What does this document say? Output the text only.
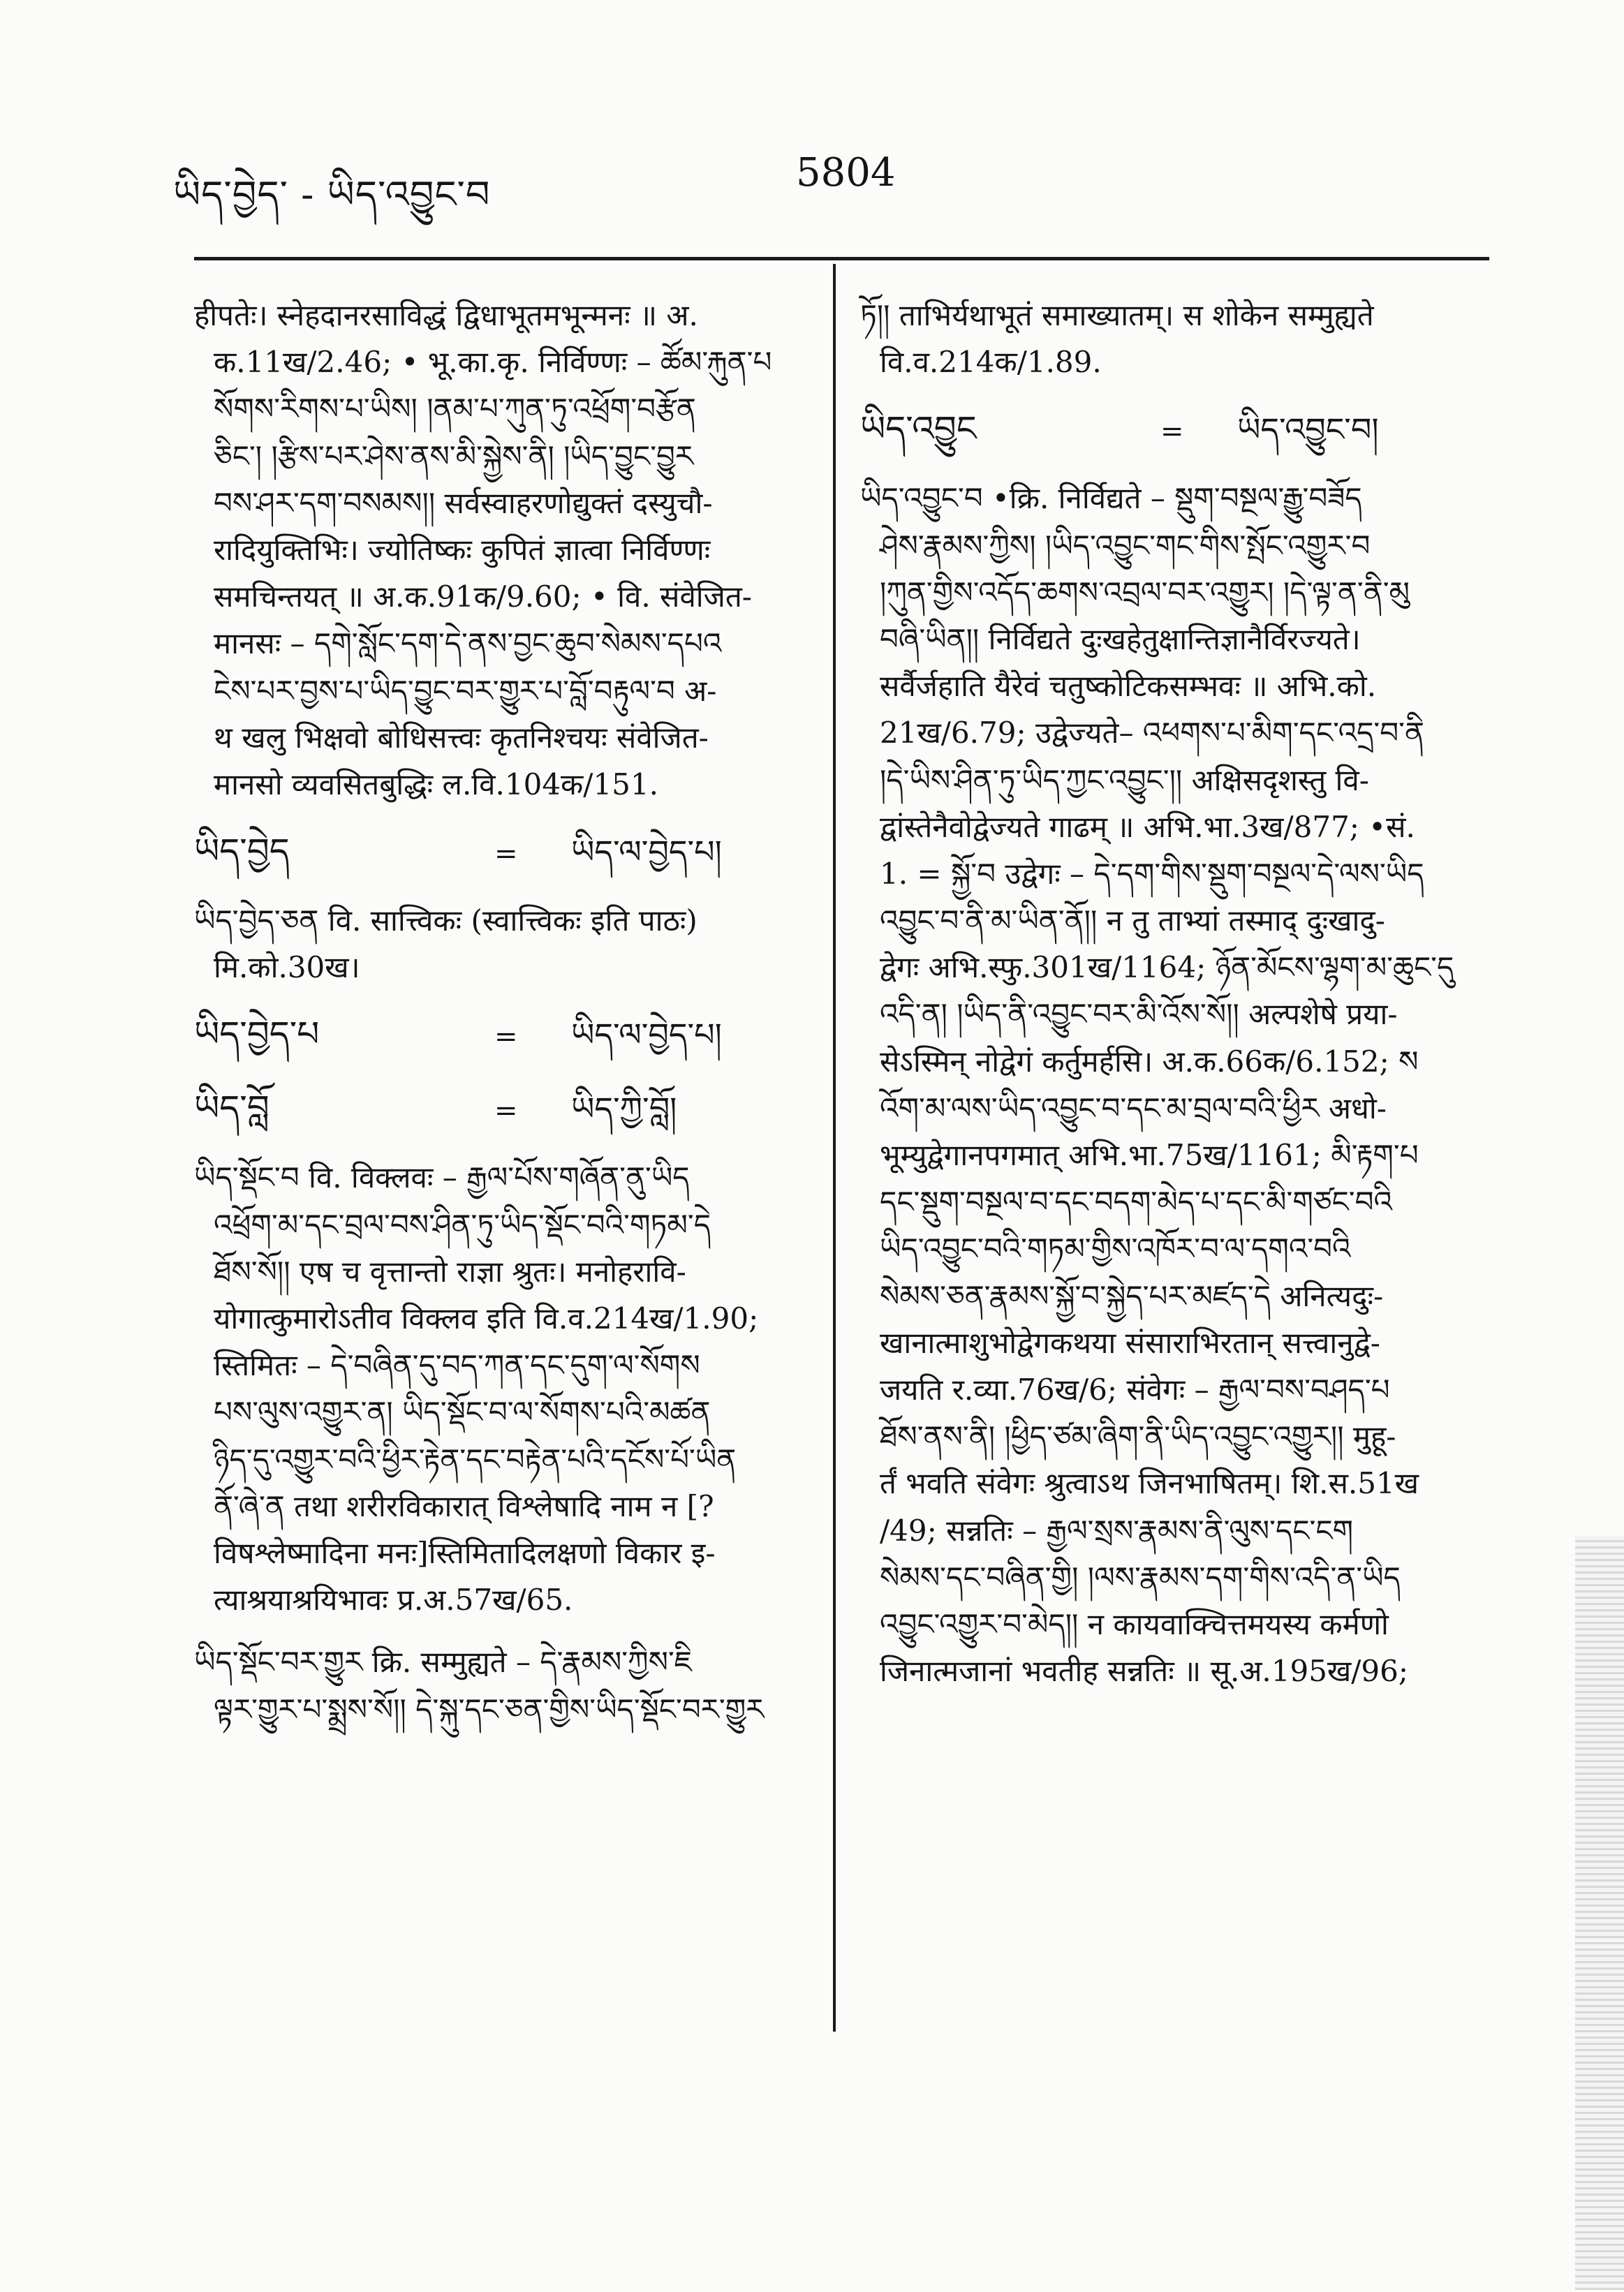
ཡིད་བྱེད་ - ཡིད་འབྱུང་བ	5804

हीपतेः। स्नेहदानरसाविद्धं द्विधाभूतमभून्मनः ॥ अ.

क.11ख/2.46; • भू.का.कृ. निर्विण्णः – ཚོམ་རྐུན་པ

སོགས་རིགས་པ་ཡིས། །ནམ་པ་ཀུན་ཏུ་འཕྲོག་བརྩོན

ཅིང་། །རྩིས་པར་ཤེས་ནས་མི་སྐྱེས་ནི། །ཡིད་བྱུང་བྱུར

བས་ཤར་དག་བསམས།། सर्वस्वाहरणोद्युक्तं दस्युचौ-

रादियुक्तिभिः। ज्योतिष्कः कुपितं ज्ञात्वा निर्विण्णः

समचिन्तयत् ॥ अ.क.91क/9.60; • वि. संवेजित-

मानसः – དགེ་སློང་དག་དེ་ནས་བྱང་ཆུབ་སེམས་དཔའ

ངེས་པར་བྱས་པ་ཡིད་བྱུང་བར་གྱུར་པ་བློ་བརྟུལ་བ अ-

थ खलु भिक्षवो बोधिसत्त्वः कृतनिश्चयः संवेजित-

मानसो व्यवसितबुद्धिः ल.वि.104क/151.

ཡིད་བྱེད	=	ཡིད་ལ་བྱེད་པ།

ཡིད་བྱེད་ཅན वि. सात्त्विकः (स्वात्त्विकः इति पाठः)

मि.को.30ख।

ཡིད་བྱེད་པ	=	ཡིད་ལ་བྱེད་པ།
ཡིད་བློ	=	ཡིད་ཀྱི་བློ།

ཡིད་སྡོང་བ वि. विक्लवः – རྒྱལ་པོས་གཞོན་ནུ་ཡིད

འཕྲོག་མ་དང་བྲལ་བས་ཤིན་ཏུ་ཡིད་སྡོང་བའི་གཏམ་དེ

ཐོས་སོ།། एष च वृत्तान्तो राज्ञा श्रुतः। मनोहरावि-

योगात्कुमारोऽतीव विक्लव इति वि.व.214ख/1.90;

स्तिमितः – དེ་བཞིན་དུ་བད་ཀན་དང་དུག་ལ་སོགས

པས་ལུས་འགྱུར་ན། ཡིད་སྡོང་བ་ལ་སོགས་པའི་མཚན

ཉིད་དུ་འགྱུར་བའི་ཕྱིར་རྟེན་དང་བརྟེན་པའི་དངོས་པོ་ཡིན

ནོ་ཞེ་ན तथा शरीरविकारात् विश्लेषादि नाम न [?

विषश्लेष्मादिना मनः]स्तिमितादिलक्षणो विकार इ-

त्याश्रयाश्रयिभावः प्र.अ.57ख/65.

ཡིད་སྡོང་བར་གྱུར क्रि. सम्मुह्यते – དེ་རྣམས་ཀྱིས་ཇི

ལྟར་གྱུར་པ་སྨྲས་སོ།། དེ་སྐུ་དང་ཅན་གྱིས་ཡིད་སྡོང་བར་གྱུར

ཏོ།། ताभिर्यथाभूतं समाख्यातम्। स शोकेन सम्मुह्यते

वि.व.214क/1.89.

ཡིད་འབྱུང	=	ཡིད་འབྱུང་བ།

ཡིད་འབྱུང་བ •क्रि. निर्विद्यते – སྡུག་བསྔལ་རྒྱུ་བཟོད

ཤེས་རྣམས་ཀྱིས། །ཡིད་འབྱུང་གང་གིས་སྤོང་འགྱུར་བ

།ཀུན་གྱིས་འདོད་ཆགས་འབྲལ་བར་འགྱུར། །དེ་ལྟ་ན་ནི་མུ

བཞི་ཡིན།། निर्विद्यते दुःखहेतुक्षान्तिज्ञानैर्विरज्यते।

सर्वैर्जहाति यैरेवं चतुष्कोटिकसम्भवः ॥ अभि.को.

21ख/6.79; उद्वेज्यते– འཕགས་པ་མིག་དང་འདྲ་བ་ནི

།དེ་ཡིས་ཤིན་ཏུ་ཡིད་ཀྱང་འབྱུང་།། अक्षिसदृशस्तु वि-

द्वांस्तेनैवोद्वेज्यते गाढम् ॥ अभि.भा.3ख/877; •सं.

1. = སྐྱོ་བ उद्वेगः – དེ་དག་གིས་སྡུག་བསྔལ་དེ་ལས་ཡིད

འབྱུང་བ་ནི་མ་ཡིན་ནོ།། न तु ताभ्यां तस्माद् दुःखादु-

द्वेगः अभि.स्फु.301ख/1164; ཉོན་མོངས་ལྷག་མ་ཆུང་དུ

འདི་ན། །ཡིད་ནི་འབྱུང་བར་མི་འོས་སོ།། अल्पशेषे प्रया-

सेऽस्मिन् नोद्वेगं कर्तुमर्हसि। अ.क.66क/6.152; ས

འོག་མ་ལས་ཡིད་འབྱུང་བ་དང་མ་བྲལ་བའི་ཕྱིར अधो-

भूम्युद्वेगानपगमात् अभि.भा.75ख/1161; མི་རྟག་པ

དང་སྡུག་བསྔལ་བ་དང་བདག་མེད་པ་དང་མི་གཙང་བའི

ཡིད་འབྱུང་བའི་གཏམ་གྱིས་འཁོར་བ་ལ་དགའ་བའི

སེམས་ཅན་རྣམས་སྐྱོ་བ་སྐྱེད་པར་མཛད་དེ अनित्यदुः-

खानात्माशुभोद्वेगकथया संसाराभिरतान् सत्त्वानुद्वे-

जयति र.व्या.76ख/6; संवेगः – རྒྱལ་བས་བཤད་པ

ཐོས་ནས་ནི། །ཕྱིད་ཙམ་ཞིག་ནི་ཡིད་འབྱུང་འགྱུར།། मुहू-

र्तं भवति संवेगः श्रुत्वाऽथ जिनभाषितम्। शि.स.51ख

/49; सन्नतिः – རྒྱལ་སྲས་རྣམས་ནི་ལུས་དང་ངག

སེམས་དང་བཞིན་གྱི། །ལས་རྣམས་དག་གིས་འདི་ན་ཡིད

འབྱུང་འགྱུར་བ་མེད།། न कायवाक्चित्तमयस्य कर्मणो

जिनात्मजानां भवतीह सन्नतिः ॥ सू.अ.195ख/96;
